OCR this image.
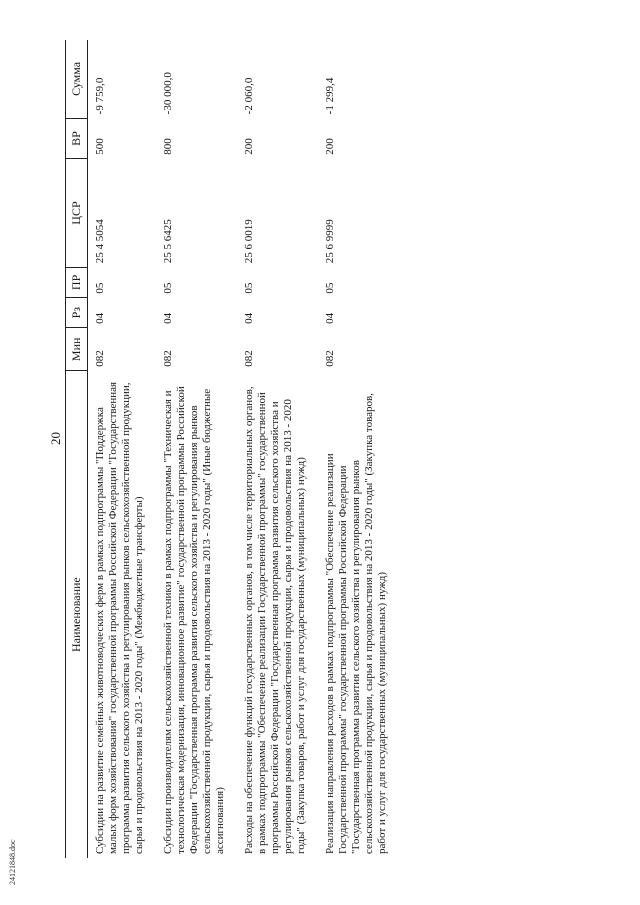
20
Наименование	Мин	Рз	ПР	ЦСР	ВР	Сумма
Субсидии на развитие семейных животноводческих ферм в рамках подпрограммы "Поддержка малых форм хозяйствования" государственной программы Российской Федерации "Государственная программа развития сельского хозяйства и регулирования рынков сельскохозяйственной продукции, сырья и продовольствия на 2013 - 2020 годы" (Межбюджетные трансферты)	082	04	05	25 4 5054	500	-9 759,0
Субсидии производителям сельскохозяйственной техники в рамках подпрограммы "Техническая и технологическая модернизация, инновационное развитие" государственной программы Российской Федерации "Государственная программа развития сельского хозяйства и регулирования рынков сельскохозяйственной продукции, сырья и продовольствия на 2013 - 2020 годы" (Иные бюджетные ассигнования)	082	04	05	25 5 6425	800	-30 000,0
Расходы на обеспечение функций государственных органов, в том числе территориальных органов, в рамках подпрограммы "Обеспечение реализации Государственной программы" государственной программы Российской Федерации "Государственная программа развития сельского хозяйства и регулирования рынков сельскохозяйственной продукции, сырья и продовольствия на 2013 - 2020 годы" (Закупка товаров, работ и услуг для государственных (муниципальных) нужд)	082	04	05	25 6 0019	200	-2 060,0
Реализация направления расходов в рамках подпрограммы "Обеспечение реализации Государственной программы" государственной программы Российской Федерации "Государственная программа развития сельского хозяйства и регулирования рынков сельскохозяйственной продукции, сырья и продовольствия на 2013 - 2020 годы" (Закупка товаров, работ и услуг для государственных (муниципальных) нужд)	082	04	05	25 6 9999	200	-1 299,4
24121848.doc
